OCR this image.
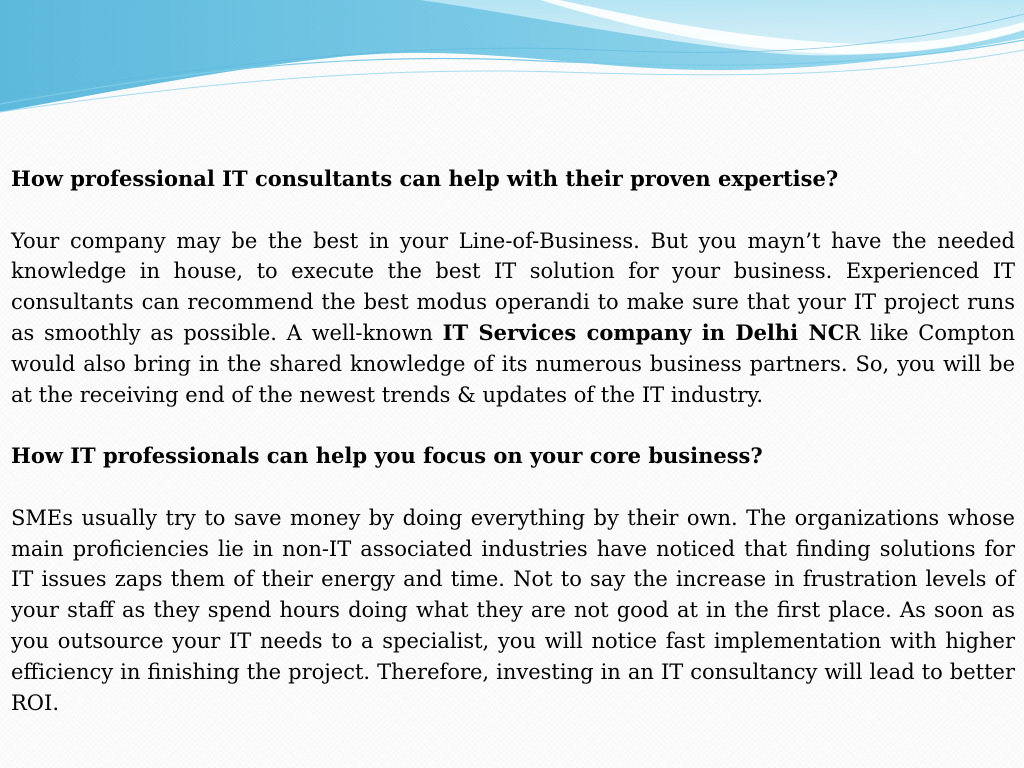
How professional IT consultants can help with their proven expertise?

Your company may be the best in your Line-of-Business. But you mayn’t have the needed knowledge in house, to execute the best IT solution for your business. Experienced IT consultants can recommend the best modus operandi to make sure that your IT project runs as smoothly as possible. A well-known IT Services company in Delhi NCR like Compton would also bring in the shared knowledge of its numerous business partners. So, you will be at the receiving end of the newest trends & updates of the IT industry.

How IT professionals can help you focus on your core business?

SMEs usually try to save money by doing everything by their own. The organizations whose main proficiencies lie in non-IT associated industries have noticed that finding solutions for IT issues zaps them of their energy and time. Not to say the increase in frustration levels of your staff as they spend hours doing what they are not good at in the first place. As soon as you outsource your IT needs to a specialist, you will notice fast implementation with higher efficiency in finishing the project. Therefore, investing in an IT consultancy will lead to better ROI.
